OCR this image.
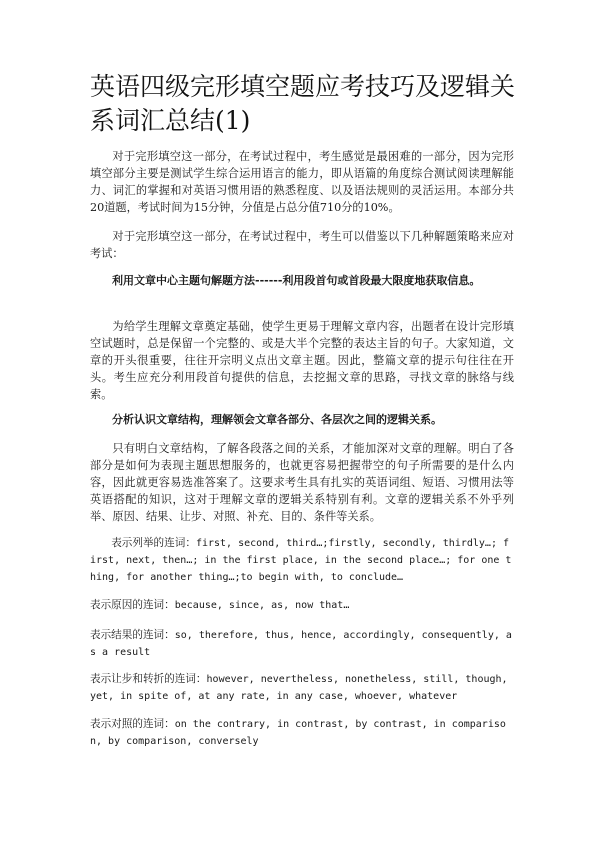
英语四级完形填空题应考技巧及逻辑关系词汇总结(1)

对于完形填空这一部分，在考试过程中，考生感觉是最困难的一部分，因为完形填空部分主要是测试学生综合运用语言的能力，即从语篇的角度综合测试阅读理解能力、词汇的掌握和对英语习惯用语的熟悉程度、以及语法规则的灵活运用。本部分共20道题，考试时间为15分钟，分值是占总分值710分的10%。

对于完形填空这一部分，在考试过程中，考生可以借鉴以下几种解题策略来应对考试：

利用文章中心主题句解题方法------利用段首句或首段最大限度地获取信息。

为给学生理解文章奠定基础，使学生更易于理解文章内容，出题者在设计完形填空试题时，总是保留一个完整的、或是大半个完整的表达主旨的句子。大家知道，文章的开头很重要，往往开宗明义点出文章主题。因此，整篇文章的提示句往往在开头。考生应充分利用段首句提供的信息，去挖掘文章的思路，寻找文章的脉络与线索。

分析认识文章结构，理解领会文章各部分、各层次之间的逻辑关系。

只有明白文章结构，了解各段落之间的关系，才能加深对文章的理解。明白了各部分是如何为表现主题思想服务的，也就更容易把握带空的句子所需要的是什么内容，因此就更容易选准答案了。这要求考生具有扎实的英语词组、短语、习惯用法等英语搭配的知识，这对于理解文章的逻辑关系特别有利。文章的逻辑关系不外乎列举、原因、结果、让步、对照、补充、目的、条件等关系。

表示列举的连词：first, second, third…;firstly, secondly, thirdly…; first, next, then…; in the first place, in the second place…; for one thing, for another thing…;to begin with, to conclude…

表示原因的连词：because, since, as, now that…

表示结果的连词：so, therefore, thus, hence, accordingly, consequently, as a result

表示让步和转折的连词：however, nevertheless, nonetheless, still, though, yet, in spite of, at any rate, in any case, whoever, whatever

表示对照的连词：on the contrary, in contrast, by contrast, in comparison, by comparison, conversely
